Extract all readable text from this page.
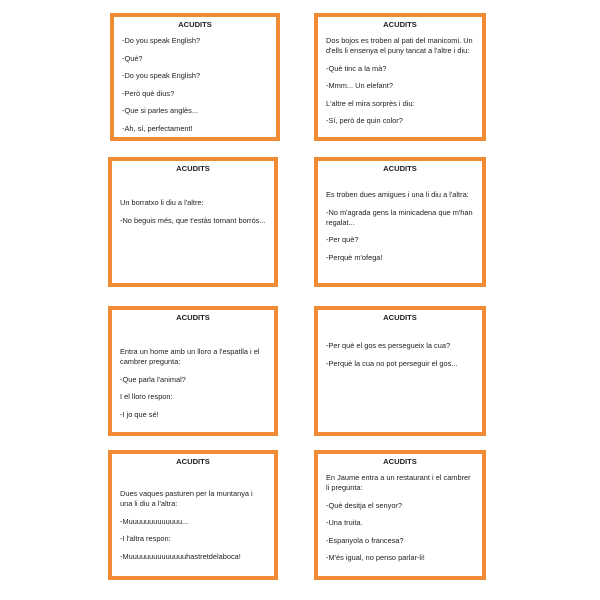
ACUDITS
-Do you speak English?
-Què?
-Do you speak English?
-Però què dius?
-Que si parles anglès...
-Ah, sí, perfectament!
ACUDITS
Dos bojos es troben al pati del manicomi. Un d'ells li ensenya el puny tancat a l'altre i diu:
-Què tinc a la mà?
-Mmm... Un elefant?
L'altre el mira sorprès i diu:
-Sí, però de quin color?
ACUDITS
Un borratxo li diu a l'altre:
-No beguis més, que t'estàs tornant borrós...
ACUDITS
Es troben dues amigues i una li diu a l'altra:
-No m'agrada gens la minicadena que m'han regalat...
-Per què?
-Perquè m'ofega!
ACUDITS
Entra un home amb un lloro a l'espatlla i el cambrer pregunta:
-Que parla l'animal?
I el lloro respon:
-I jo que sé!
ACUDITS
-Per què el gos es persegueix la cua?
-Perquè la cua no pot perseguir el gos...
ACUDITS
Dues vaques pasturen per la muntanya i una li diu a l'altra:
-Muuuuuuuuuuuuu...
-I l'altra respon:
-Muuuuuuuuuuuuuuhastretdelaboca!
ACUDITS
En Jaume entra a un restaurant i el cambrer li pregunta:
-Què desitja el senyor?
-Una truita.
-Espanyola o francesa?
-M'és igual, no penso parlar-li!
